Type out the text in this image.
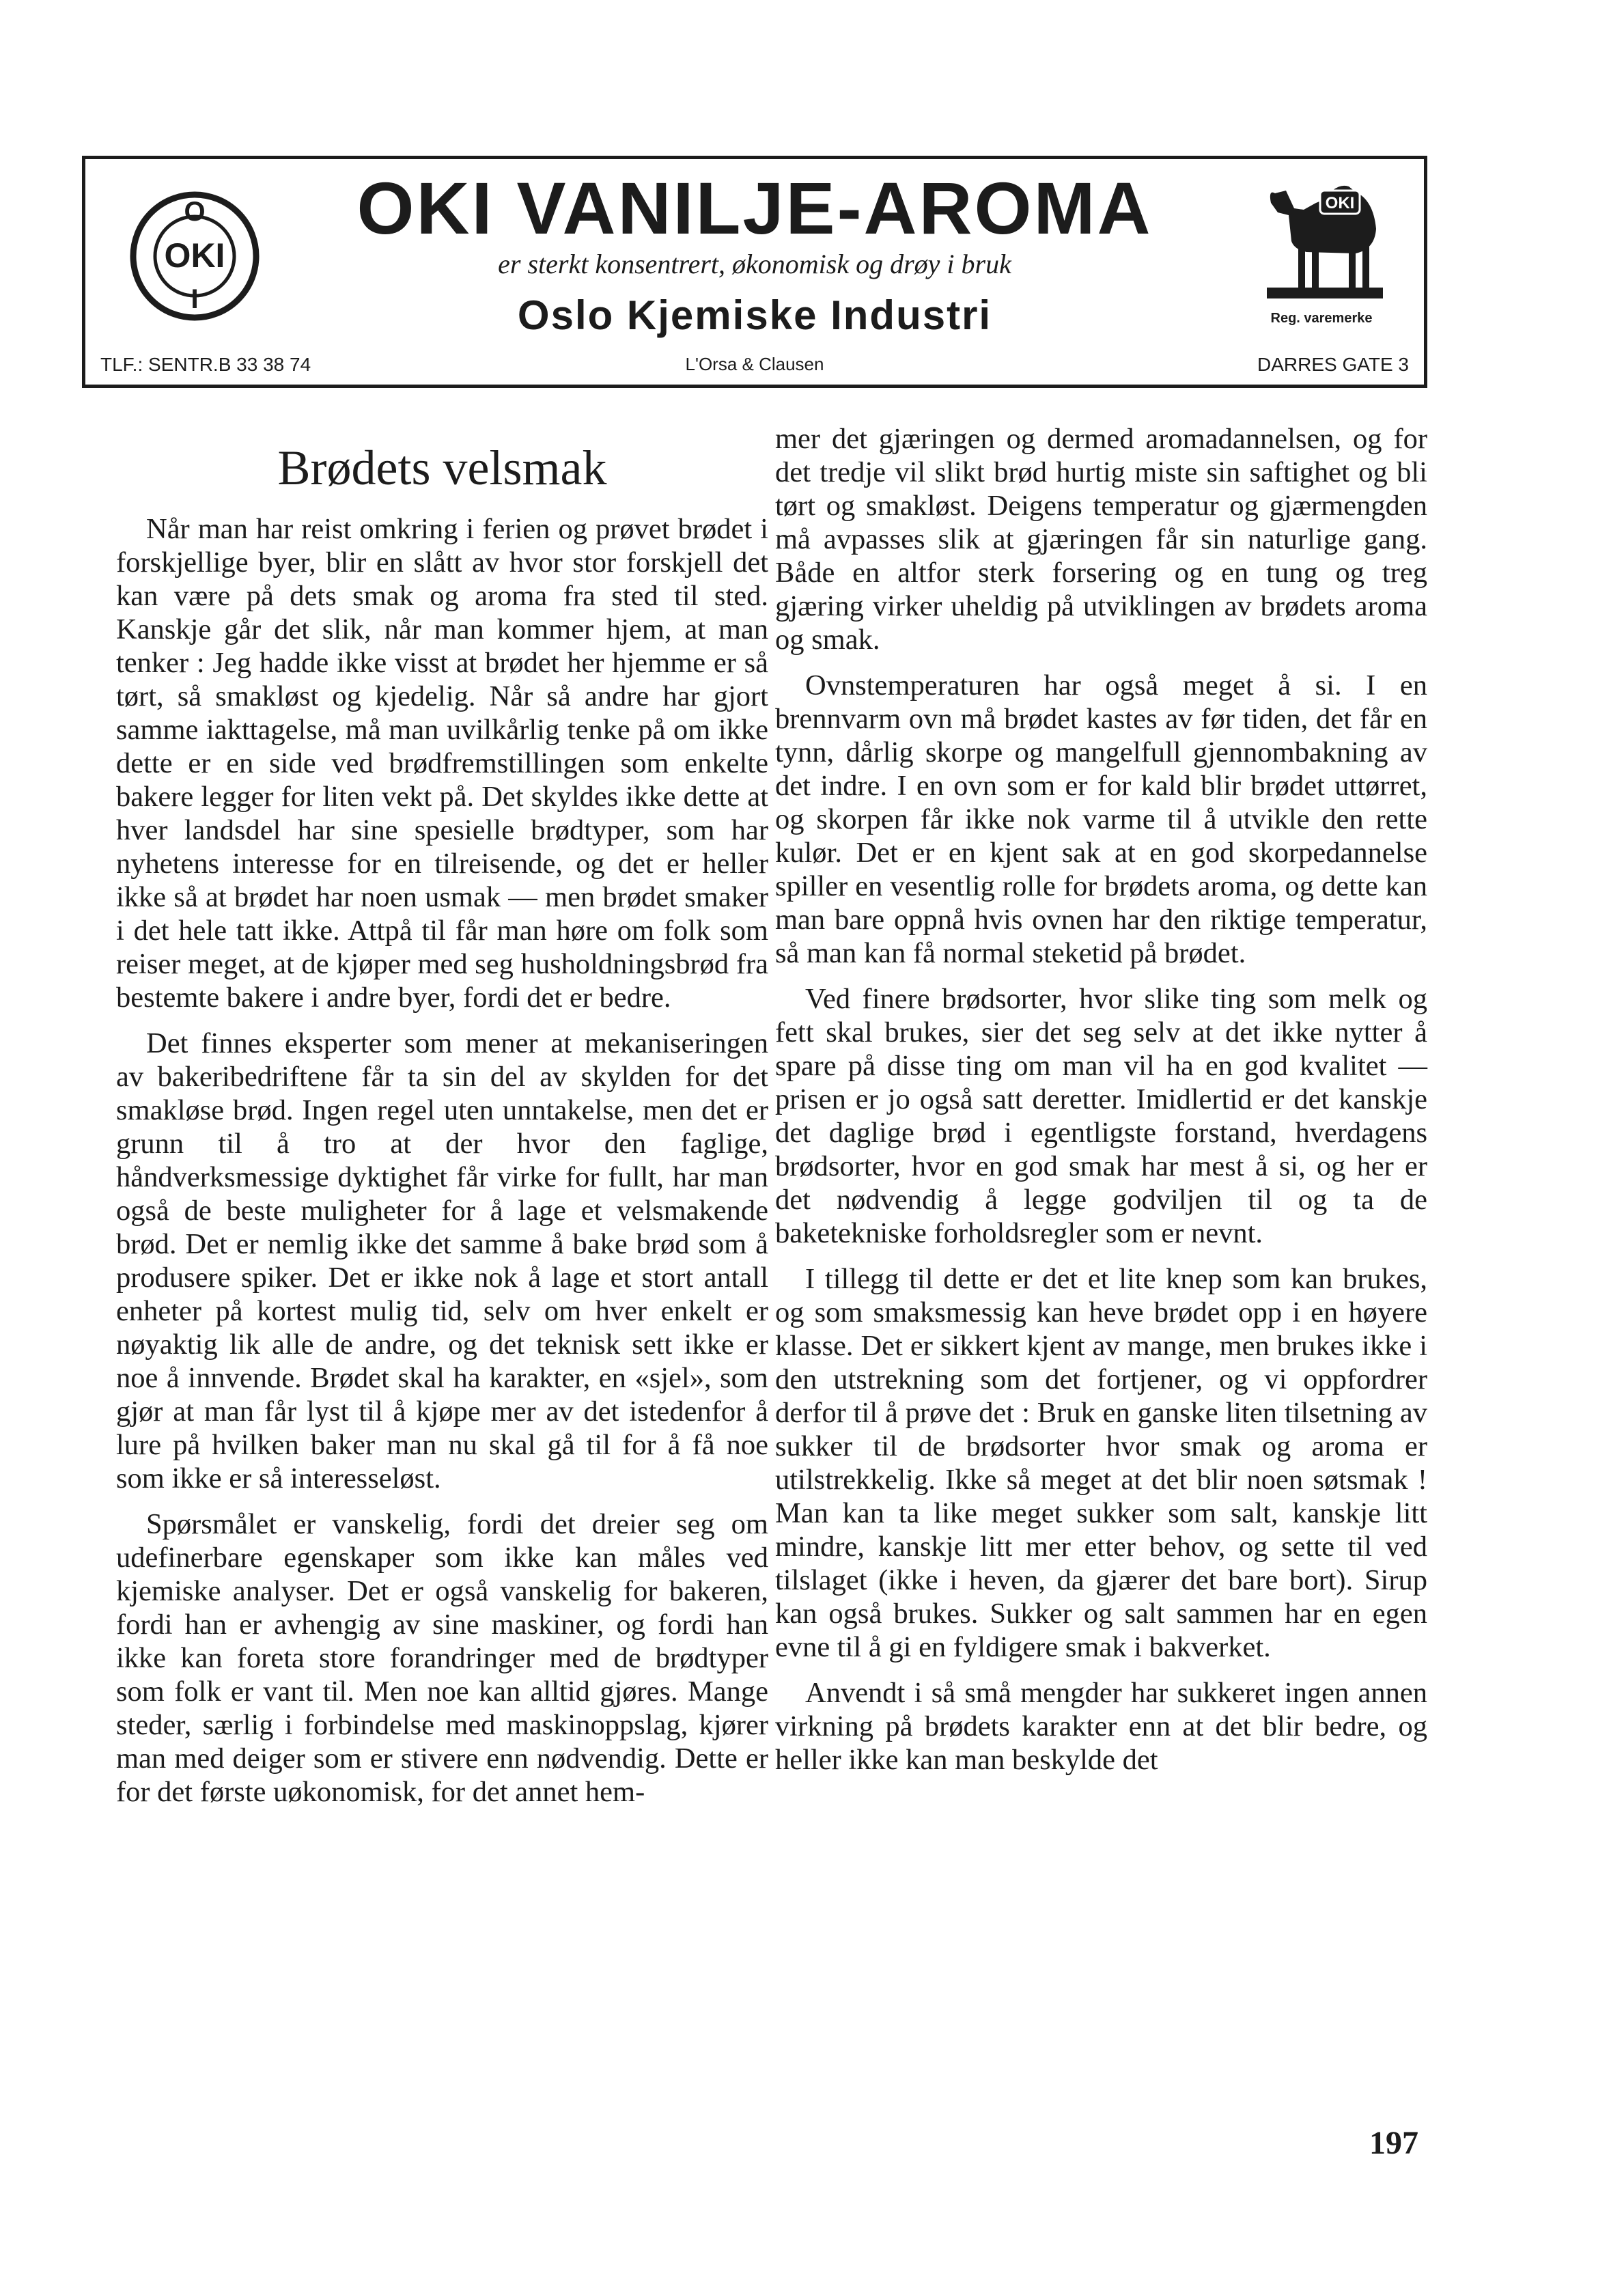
O
OKI
I
OKI VANILJE-AROMA
er sterkt konsentrert, økonomisk og drøy i bruk
Oslo Kjemiske Industri
TLF.: SENTR.B 33 38 74	L'Orsa & Clausen	DARRES GATE 3
OKI
Reg. varemerke
Brødets velsmak

Når man har reist omkring i ferien og prøvet brødet i forskjellige byer, blir en slått av hvor stor forskjell det kan være på dets smak og aroma fra sted til sted. Kanskje går det slik, når man kommer hjem, at man tenker : Jeg hadde ikke visst at brødet her hjemme er så tørt, så smakløst og kjedelig. Når så andre har gjort samme iakttagelse, må man uvilkårlig tenke på om ikke dette er en side ved brødfremstillingen som enkelte bakere legger for liten vekt på. Det skyldes ikke dette at hver landsdel har sine spesielle brødtyper, som har nyhetens interesse for en tilreisende, og det er heller ikke så at brødet har noen usmak — men brødet smaker i det hele tatt ikke. Attpå til får man høre om folk som reiser meget, at de kjøper med seg husholdningsbrød fra bestemte bakere i andre byer, fordi det er bedre.

Det finnes eksperter som mener at mekaniseringen av bakeribedriftene får ta sin del av skylden for det smakløse brød. Ingen regel uten unntakelse, men det er grunn til å tro at der hvor den faglige, håndverksmessige dyktighet får virke for fullt, har man også de beste muligheter for å lage et velsmakende brød. Det er nemlig ikke det samme å bake brød som å produsere spiker. Det er ikke nok å lage et stort antall enheter på kortest mulig tid, selv om hver enkelt er nøyaktig lik alle de andre, og det teknisk sett ikke er noe å innvende. Brødet skal ha karakter, en «sjel», som gjør at man får lyst til å kjøpe mer av det istedenfor å lure på hvilken baker man nu skal gå til for å få noe som ikke er så interesseløst.

Spørsmålet er vanskelig, fordi det dreier seg om udefinerbare egenskaper som ikke kan måles ved kjemiske analyser. Det er også vanskelig for bakeren, fordi han er avhengig av sine maskiner, og fordi han ikke kan foreta store forandringer med de brødtyper som folk er vant til. Men noe kan alltid gjøres. Mange steder, særlig i forbindelse med maskinoppslag, kjører man med deiger som er stivere enn nødvendig. Dette er for det første uøkonomisk, for det annet hem-

mer det gjæringen og dermed aromadannelsen, og for det tredje vil slikt brød hurtig miste sin saftighet og bli tørt og smakløst. Deigens temperatur og gjærmengden må avpasses slik at gjæringen får sin naturlige gang. Både en altfor sterk forsering og en tung og treg gjæring virker uheldig på utviklingen av brødets aroma og smak.

Ovnstemperaturen har også meget å si. I en brennvarm ovn må brødet kastes av før tiden, det får en tynn, dårlig skorpe og mangelfull gjennombakning av det indre. I en ovn som er for kald blir brødet uttørret, og skorpen får ikke nok varme til å utvikle den rette kulør. Det er en kjent sak at en god skorpedannelse spiller en vesentlig rolle for brødets aroma, og dette kan man bare oppnå hvis ovnen har den riktige temperatur, så man kan få normal steketid på brødet.

Ved finere brødsorter, hvor slike ting som melk og fett skal brukes, sier det seg selv at det ikke nytter å spare på disse ting om man vil ha en god kvalitet — prisen er jo også satt deretter. Imidlertid er det kanskje det daglige brød i egentligste forstand, hverdagens brødsorter, hvor en god smak har mest å si, og her er det nødvendig å legge godviljen til og ta de baketekniske forholdsregler som er nevnt.

I tillegg til dette er det et lite knep som kan brukes, og som smaksmessig kan heve brødet opp i en høyere klasse. Det er sikkert kjent av mange, men brukes ikke i den utstrekning som det fortjener, og vi oppfordrer derfor til å prøve det : Bruk en ganske liten tilsetning av sukker til de brødsorter hvor smak og aroma er utilstrekkelig. Ikke så meget at det blir noen søtsmak ! Man kan ta like meget sukker som salt, kanskje litt mindre, kanskje litt mer etter behov, og sette til ved tilslaget (ikke i heven, da gjærer det bare bort). Sirup kan også brukes. Sukker og salt sammen har en egen evne til å gi en fyldigere smak i bakverket.

Anvendt i så små mengder har sukkeret ingen annen virkning på brødets karakter enn at det blir bedre, og heller ikke kan man beskylde det

197
